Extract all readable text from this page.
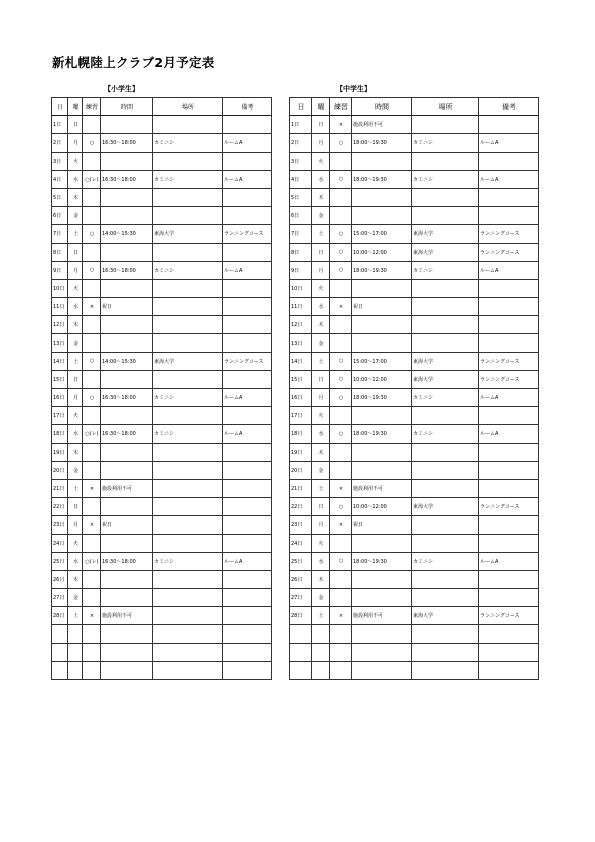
新札幌陸上クラブ2月予定表
【小学生】	【中学生】
日	曜	練習	時間	場所	備考
1日	日				
2日	月	○	16:30～18:00	カミニシ	ルームA
3日	火				
4日	水	○(レ)	16:30～18:00	カミニシ	ルームA
5日	木				
6日	金				
7日	土	○	14:00～15:30	東海大学	ランニングコース
8日	日				
9日	月	○	16:30～18:00	カミニシ	ルームA
10日	火				
11日	水	×	祝日		
12日	木				
13日	金				
14日	土	○	14:00～15:30	東海大学	ランニングコース
15日	日				
16日	月	○	16:30～18:00	カミニシ	ルームA
17日	火				
18日	水	○(レ)	16:30～18:00	カミニシ	ルームA
19日	木				
20日	金				
21日	土	×	施設利用不可		
22日	日				
23日	月	×	祝日		
24日	火				
25日	水	○(レ)	16:30～18:00	カミニシ	ルームA
26日	木				
27日	金				
28日	土	×	施設利用不可		

日	曜	練習	時間	場所	備考
1日	日	×	施設利用不可		
2日	月	○	18:00～19:30	カミニシ	ルームA
3日	火				
4日	水	○	18:00～19:30	カミニシ	ルームA
5日	木				
6日	金				
7日	土	○	15:00～17:00	東海大学	ランニングコース
8日	日	○	10:00～12:00	東海大学	ランニングコース
9日	月	○	18:00～19:30	カミニシ	ルームA
10日	火				
11日	水	×	祝日		
12日	木				
13日	金				
14日	土	○	15:00～17:00	東海大学	ランニングコース
15日	日	○	10:00～12:00	東海大学	ランニングコース
16日	月	○	18:00～19:30	カミニシ	ルームA
17日	火				
18日	水	○	18:00～19:30	カミニシ	ルームA
19日	木				
20日	金				
21日	土	×	施設利用不可		
22日	日	○	10:00～12:00	東海大学	ランニングコース
23日	月	×	祝日		
24日	火				
25日	水	○	18:00～19:30	カミニシ	ルームA
26日	木				
27日	金				
28日	土	×	施設利用不可	東海大学	ランニングコース
